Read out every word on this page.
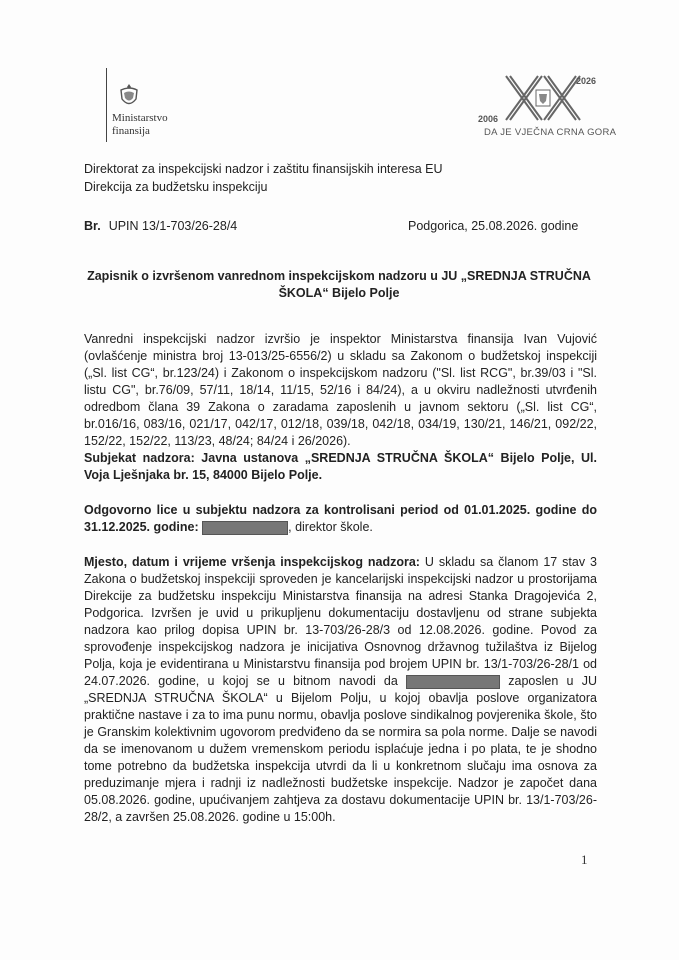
Ministarstvo
finansija
2026
2006
DA JE VJEČNA CRNA GORA
Direktorat za inspekcijski nadzor i zaštitu finansijskih interesa EU
Direkcija za budžetsku inspekciju
Br. UPIN 13/1-703/26-28/4	Podgorica, 25.08.2026. godine
Zapisnik o izvršenom vanrednom inspekcijskom nadzoru u JU „SREDNJA STRUČNA
ŠKOLA“ Bijelo Polje
Vanredni inspekcijski nadzor izvršio je inspektor Ministarstva finansija Ivan Vujović (ovlašćenje ministra broj 13-013/25-6556/2) u skladu sa Zakonom o budžetskoj inspekciji („Sl. list CG“, br.123/24) i Zakonom o inspekcijskom nadzoru ("Sl. list RCG", br.39/03 i "Sl. listu CG", br.76/09, 57/11, 18/14, 11/15, 52/16 i 84/24), a u okviru nadležnosti utvrđenih odredbom člana 39 Zakona o zaradama zaposlenih u javnom sektoru („Sl. list CG“, br.016/16, 083/16, 021/17, 042/17, 012/18, 039/18, 042/18, 034/19, 130/21, 146/21, 092/22, 152/22, 152/22, 113/23, 48/24; 84/24 i 26/2026).
Subjekat nadzora: Javna ustanova „SREDNJA STRUČNA ŠKOLA“ Bijelo Polje, Ul. Voja Lješnjaka br. 15, 84000 Bijelo Polje.
Odgovorno lice u subjektu nadzora za kontrolisani period od 01.01.2025. godine do 31.12.2025. godine:	, direktor škole.
Mjesto, datum i vrijeme vršenja inspekcijskog nadzora: U skladu sa članom 17 stav 3 Zakona o budžetskoj inspekciji sproveden je kancelarijski inspekcijski nadzor u prostorijama Direkcije za budžetsku inspekciju Ministarstva finansija na adresi Stanka Dragojevića 2, Podgorica. Izvršen je uvid u prikupljenu dokumentaciju dostavljenu od strane subjekta nadzora kao prilog dopisa UPIN br. 13-703/26-28/3 od 12.08.2026. godine. Povod za sprovođenje inspekcijskog nadzora je inicijativa Osnovnog državnog tužilaštva iz Bijelog Polja, koja je evidentirana u Ministarstvu finansija pod brojem UPIN br. 13/1-703/26-28/1 od 24.07.2026. godine, u kojoj se u bitnom navodi da	zaposlen u JU „SREDNJA STRUČNA ŠKOLA“ u Bijelom Polju, u kojoj obavlja poslove organizatora praktične nastave i za to ima punu normu, obavlja poslove sindikalnog povjerenika škole, što je Granskim kolektivnim ugovorom predviđeno da se normira sa pola norme. Dalje se navodi da se imenovanom u dužem vremenskom periodu isplaćuje jedna i po plata, te je shodno tome potrebno da budžetska inspekcija utvrdi da li u konkretnom slučaju ima osnova za preduzimanje mjera i radnji iz nadležnosti budžetske inspekcije. Nadzor je započet dana 05.08.2026. godine, upućivanjem zahtjeva za dostavu dokumentacije UPIN br. 13/1-703/26-28/2, a završen 25.08.2026. godine u 15:00h.
1
